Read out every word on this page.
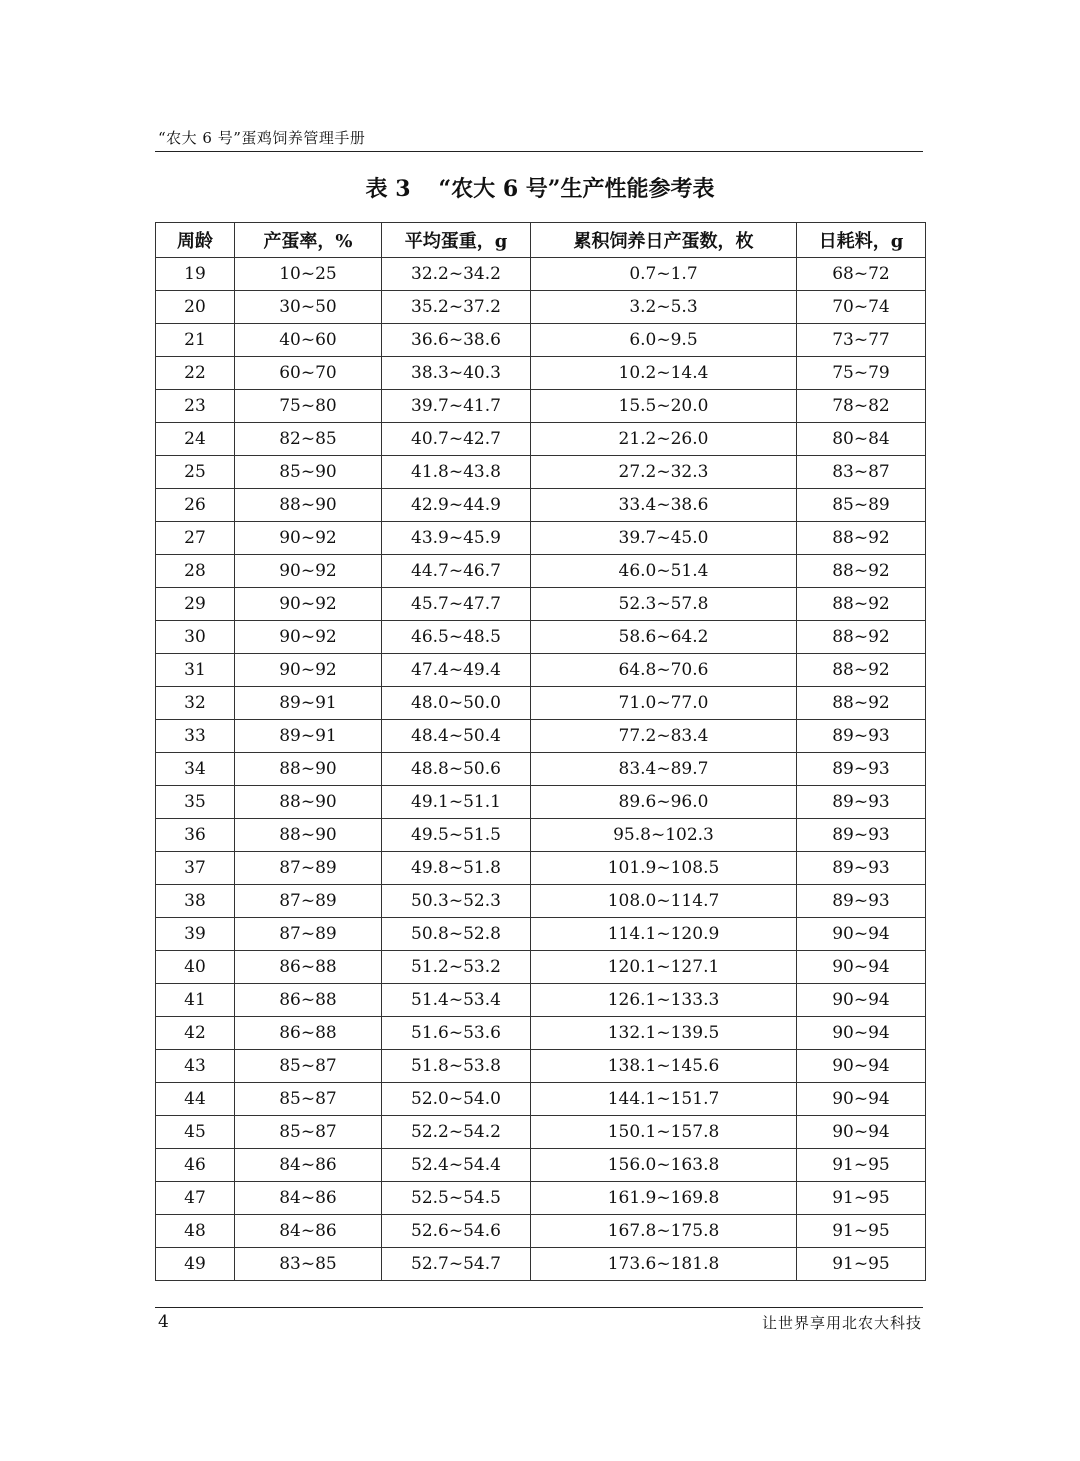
“农大 6 号”蛋鸡饲养管理手册
表 3 “农大 6 号”生产性能参考表
周龄	产蛋率，%	平均蛋重，g	累积饲养日产蛋数，枚	日耗料，g
19	10~25	32.2~34.2	0.7~1.7	68~72
20	30~50	35.2~37.2	3.2~5.3	70~74
21	40~60	36.6~38.6	6.0~9.5	73~77
22	60~70	38.3~40.3	10.2~14.4	75~79
23	75~80	39.7~41.7	15.5~20.0	78~82
24	82~85	40.7~42.7	21.2~26.0	80~84
25	85~90	41.8~43.8	27.2~32.3	83~87
26	88~90	42.9~44.9	33.4~38.6	85~89
27	90~92	43.9~45.9	39.7~45.0	88~92
28	90~92	44.7~46.7	46.0~51.4	88~92
29	90~92	45.7~47.7	52.3~57.8	88~92
30	90~92	46.5~48.5	58.6~64.2	88~92
31	90~92	47.4~49.4	64.8~70.6	88~92
32	89~91	48.0~50.0	71.0~77.0	88~92
33	89~91	48.4~50.4	77.2~83.4	89~93
34	88~90	48.8~50.6	83.4~89.7	89~93
35	88~90	49.1~51.1	89.6~96.0	89~93
36	88~90	49.5~51.5	95.8~102.3	89~93
37	87~89	49.8~51.8	101.9~108.5	89~93
38	87~89	50.3~52.3	108.0~114.7	89~93
39	87~89	50.8~52.8	114.1~120.9	90~94
40	86~88	51.2~53.2	120.1~127.1	90~94
41	86~88	51.4~53.4	126.1~133.3	90~94
42	86~88	51.6~53.6	132.1~139.5	90~94
43	85~87	51.8~53.8	138.1~145.6	90~94
44	85~87	52.0~54.0	144.1~151.7	90~94
45	85~87	52.2~54.2	150.1~157.8	90~94
46	84~86	52.4~54.4	156.0~163.8	91~95
47	84~86	52.5~54.5	161.9~169.8	91~95
48	84~86	52.6~54.6	167.8~175.8	91~95
49	83~85	52.7~54.7	173.6~181.8	91~95
4	让世界享用北农大科技
